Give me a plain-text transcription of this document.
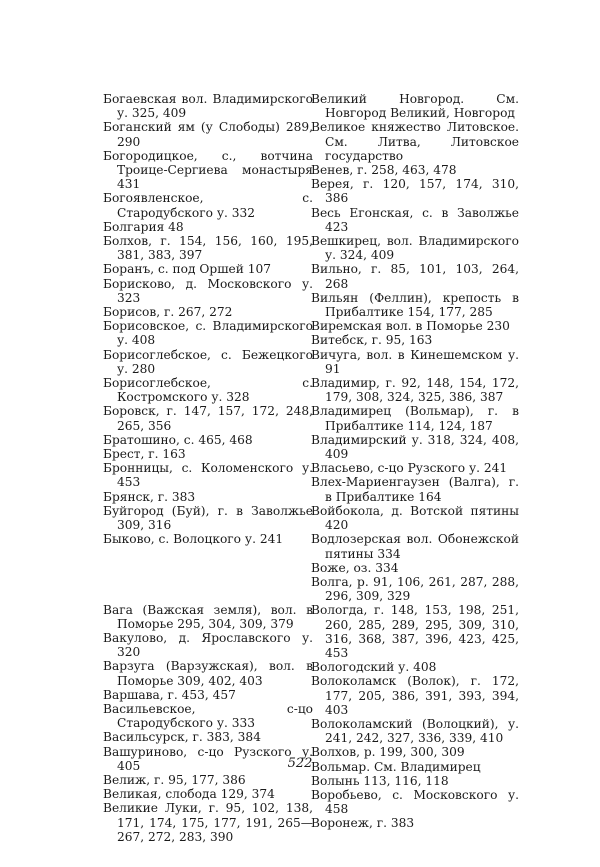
Богаевская вол. Владимирского у. 325, 409

Боганский ям (у Слободы) 289, 290

Богородицкое, с., вотчина Троице-Сергиева монастыря 431

Богоявленское, с. Стародубского у. 332

Болгария 48

Болхов, г. 154, 156, 160, 195, 381, 383, 397

Боранъ, с. под Оршей 107

Борисково, д. Московского у. 323

Борисов, г. 267, 272

Борисовское, с. Владимирского у. 408

Борисоглебское, с. Бежецкого у. 280

Борисоглебское, с. Костромского у. 328

Боровск, г. 147, 157, 172, 248, 265, 356

Братошино, с. 465, 468

Брест, г. 163

Бронницы, с. Коломенского у. 453

Брянск, г. 383

Буйгород (Буй), г. в Заволжье 309, 316

Быково, с. Волоцкого у. 241

Вага (Важская земля), вол. в Поморье 295, 304, 309, 379

Вакулово, д. Ярославского у. 320

Варзуга (Варзужская), вол. в Поморье 309, 402, 403

Варшава, г. 453, 457

Васильевское, с-цо Стародубского у. 333

Васильсурск, г. 383, 384

Вашуриново, с-цо Рузского у. 405

Велиж, г. 95, 177, 386

Великая, слобода 129, 374

Великие Луки, г. 95, 102, 138, 171, 174, 175, 177, 191, 265—267, 272, 283, 390

Великий Новгород. См. Новгород Великий, Новгород

Великое княжество Литовское. См. Литва, Литовское государство

Венев, г. 258, 463, 478

Верея, г. 120, 157, 174, 310, 386

Весь Егонская, с. в Заволжье 423

Вешкирец, вол. Владимирского у. 324, 409

Вильно, г. 85, 101, 103, 264, 268

Вильян (Феллин), крепость в Прибалтике 154, 177, 285

Виремская вол. в Поморье 230

Витебск, г. 95, 163

Вичуга, вол. в Кинешемском у. 91

Владимир, г. 92, 148, 154, 172, 179, 308, 324, 325, 386, 387

Владимирец (Вольмар), г. в Прибалтике 114, 124, 187

Владимирский у. 318, 324, 408, 409

Власьево, с-цо Рузского у. 241

Влех-Мариенгаузен (Валга), г. в Прибалтике 164

Войбокола, д. Вотской пятины 420

Водлозерская вол. Обонежской пятины 334

Воже, оз. 334

Волга, р. 91, 106, 261, 287, 288, 296, 309, 329

Вологда, г. 148, 153, 198, 251, 260, 285, 289, 295, 309, 310, 316, 368, 387, 396, 423, 425, 453

Вологодский у. 408

Волоколамск (Волок), г. 172, 177, 205, 386, 391, 393, 394, 403

Волоколамский (Волоцкий), у. 241, 242, 327, 336, 339, 410

Волхов, р. 199, 300, 309

Вольмар. См. Владимирец

Волынь 113, 116, 118

Воробьево, с. Московского у. 458

Воронеж, г. 383

522
